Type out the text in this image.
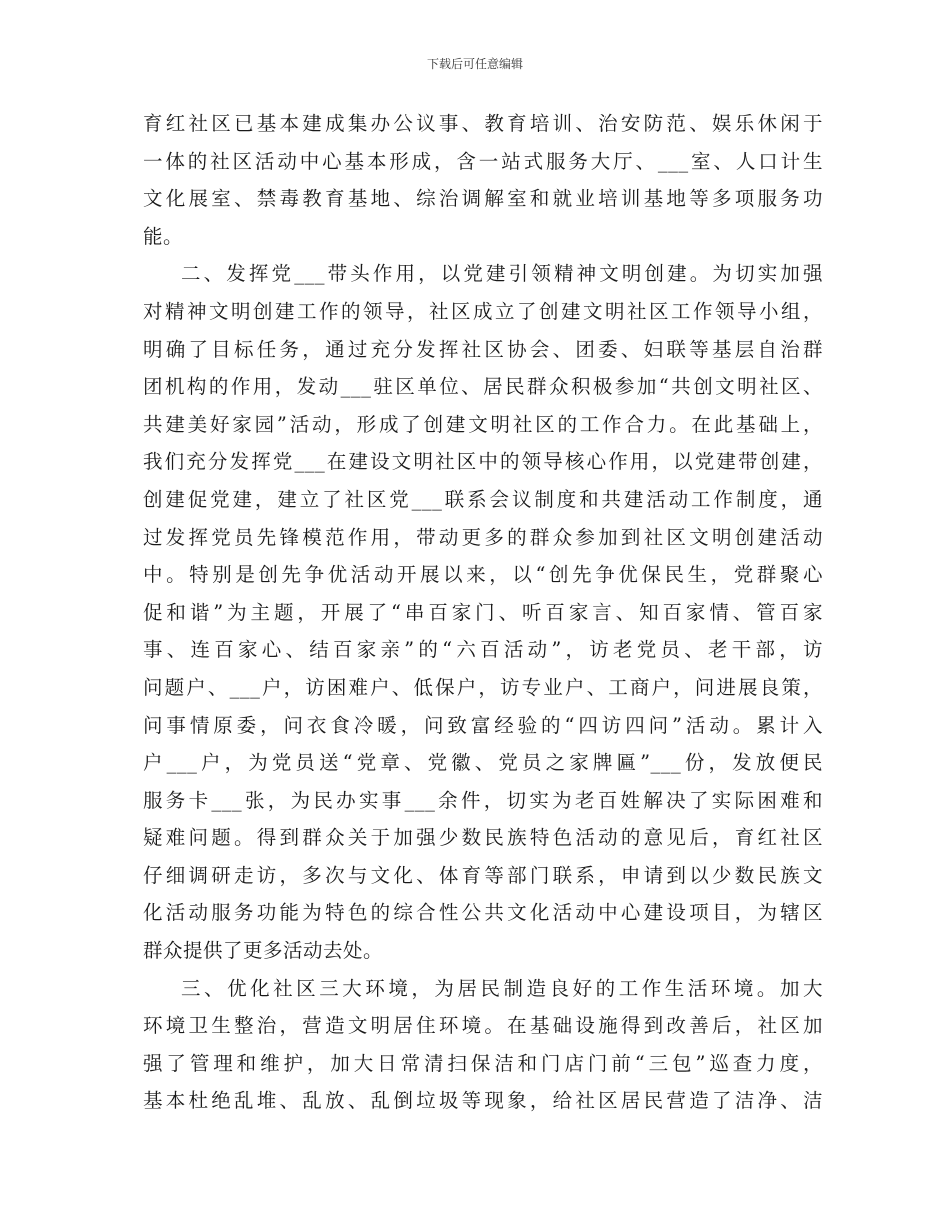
下载后可任意编辑
育红社区已基本建成集办公议事、教育培训、治安防范、娱乐休闲于
一体的社区活动中心基本形成，含一站式服务大厅、___室、人口计生
文化展室、禁毒教育基地、综治调解室和就业培训基地等多项服务功
能。
二、发挥党___带头作用，以党建引领精神文明创建。为切实加强
对精神文明创建工作的领导，社区成立了创建文明社区工作领导小组，
明确了目标任务，通过充分发挥社区协会、团委、妇联等基层自治群
团机构的作用，发动___驻区单位、居民群众积极参加“共创文明社区、
共建美好家园”活动，形成了创建文明社区的工作合力。在此基础上，
我们充分发挥党___在建设文明社区中的领导核心作用，以党建带创建，
创建促党建，建立了社区党___联系会议制度和共建活动工作制度，通
过发挥党员先锋模范作用，带动更多的群众参加到社区文明创建活动
中。特别是创先争优活动开展以来，以“创先争优保民生，党群聚心
促和谐”为主题，开展了“串百家门、听百家言、知百家情、管百家
事、连百家心、结百家亲”的“六百活动”，访老党员、老干部，访
问题户、___户，访困难户、低保户，访专业户、工商户，问进展良策，
问事情原委，问衣食冷暖，问致富经验的“四访四问”活动。累计入
户___户，为党员送“党章、党徽、党员之家牌匾”___份，发放便民
服务卡___张，为民办实事___余件，切实为老百姓解决了实际困难和
疑难问题。得到群众关于加强少数民族特色活动的意见后，育红社区
仔细调研走访，多次与文化、体育等部门联系，申请到以少数民族文
化活动服务功能为特色的综合性公共文化活动中心建设项目，为辖区
群众提供了更多活动去处。
三、优化社区三大环境，为居民制造良好的工作生活环境。加大
环境卫生整治，营造文明居住环境。在基础设施得到改善后，社区加
强了管理和维护，加大日常清扫保洁和门店门前“三包”巡查力度，
基本杜绝乱堆、乱放、乱倒垃圾等现象，给社区居民营造了洁净、洁
